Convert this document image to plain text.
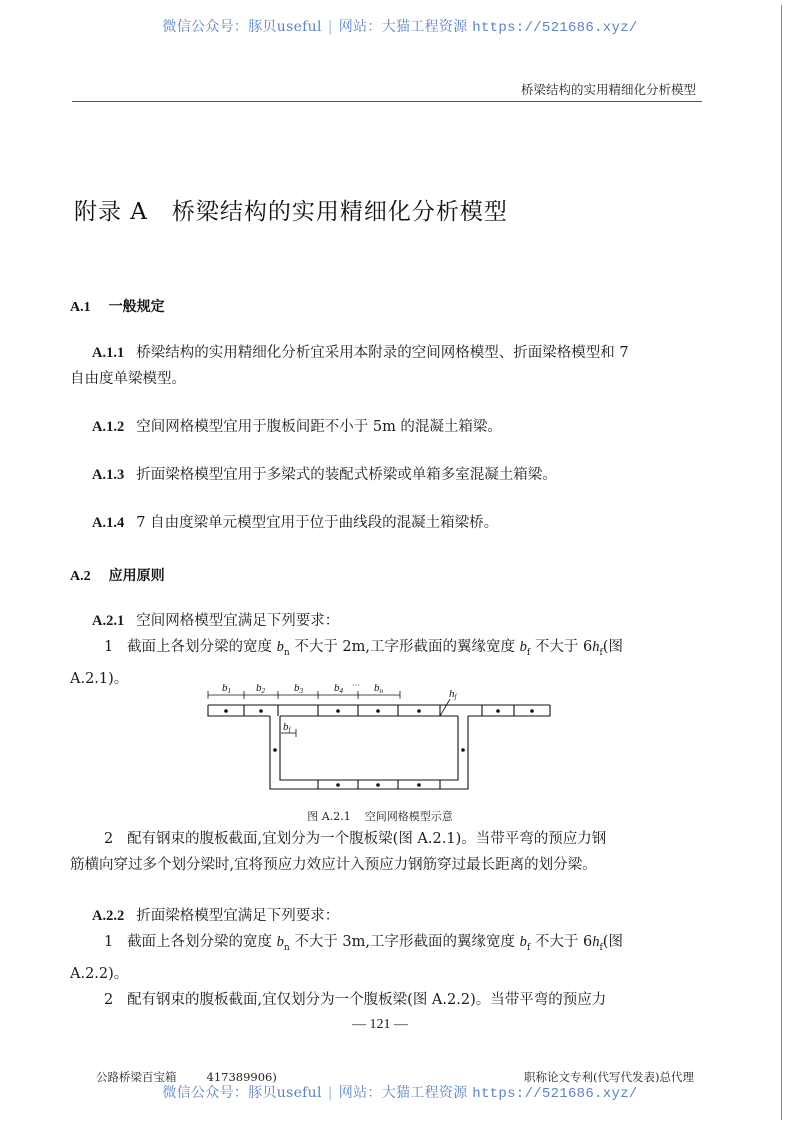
微信公众号：豚贝useful | 网站：大猫工程资源 https://521686.xyz/
桥梁结构的实用精细化分析模型
附录 A 桥梁结构的实用精细化分析模型
A.1 一般规定
A.1.1 桥梁结构的实用精细化分析宜采用本附录的空间网格模型、折面梁格模型和 7
自由度单梁模型。
A.1.2 空间网格模型宜用于腹板间距不小于 5m 的混凝土箱梁。
A.1.3 折面梁格模型宜用于多梁式的装配式桥梁或单箱多室混凝土箱梁。
A.1.4 7 自由度梁单元模型宜用于位于曲线段的混凝土箱梁桥。
A.2 应用原则
A.2.1 空间网格模型宜满足下列要求：
1 截面上各划分梁的宽度 $b_n$ 不大于 2m,工字形截面的翼缘宽度 $b_f$ 不大于 $6h_f$(图
A.2.1)。
b1 b2	b3	b4
··· bn	hf
bf
图 A.2.1 空间网格模型示意
2 配有钢束的腹板截面,宜划分为一个腹板梁(图 A.2.1)。当带平弯的预应力钢
筋横向穿过多个划分梁时,宜将预应力效应计入预应力钢筋穿过最长距离的划分梁。
A.2.2 折面梁格模型宜满足下列要求：
1 截面上各划分梁的宽度 $b_n$ 不大于 3m,工字形截面的翼缘宽度 $b_f$ 不大于 $6h_f$(图
A.2.2)。
2 配有钢束的腹板截面,宜仅划分为一个腹板梁(图 A.2.2)。当带平弯的预应力
— 121 —
公路桥梁百宝箱	417389906)	职称论文专利(代写代发表)总代理
微信公众号：豚贝useful | 网站：大猫工程资源 https://521686.xyz/
